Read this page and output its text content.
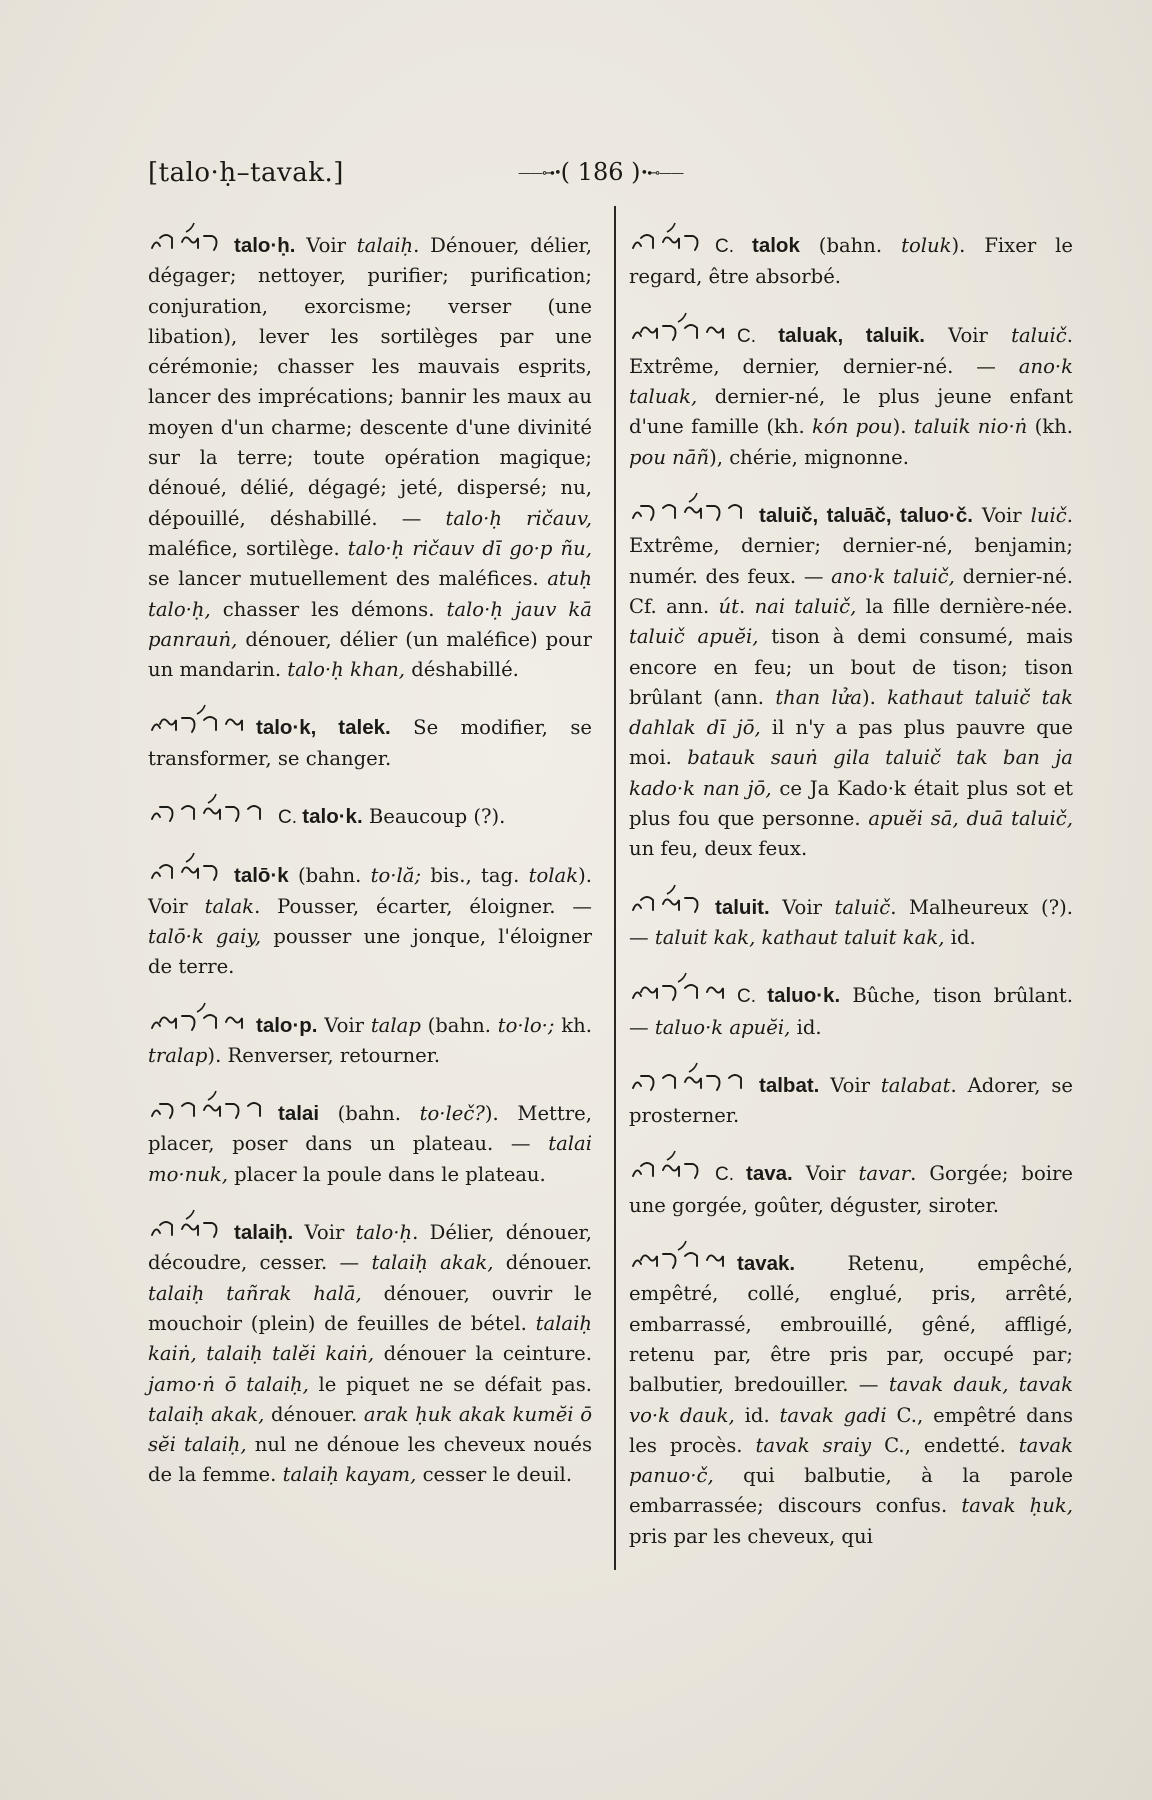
[talo·ḥ–tavak.]	——⊶•( 186 )•⊷——

talo·ḥ. Voir talaiḥ. Dénouer, délier, dégager; nettoyer, purifier; purification; conjuration, exorcisme; verser (une libation), lever les sortilèges par une cérémonie; chasser les mauvais esprits, lancer des imprécations; bannir les maux au moyen d'un charme; descente d'une divinité sur la terre; toute opération magique; dénoué, délié, dégagé; jeté, dispersé; nu, dépouillé, déshabillé. — talo·ḥ ričauv, maléfice, sortilège. talo·ḥ ričauv dī go·p ñu, se lancer mutuellement des maléfices. atuḥ talo·ḥ, chasser les démons. talo·ḥ jauv kā panrauṅ, dénouer, délier (un maléfice) pour un mandarin. talo·ḥ khan, déshabillé.

talo·k, talek. Se modifier, se transformer, se changer.

C. talo·k. Beaucoup (?).

talō·k (bahn. to·lă; bis., tag. tolak). Voir talak. Pousser, écarter, éloigner. — talō·k gaiy, pousser une jonque, l'éloigner de terre.

talo·p. Voir talap (bahn. to·lo·; kh. tralap). Renverser, retourner.

talai (bahn. to·leč?). Mettre, placer, poser dans un plateau. — talai mo·nuk, placer la poule dans le plateau.

talaiḥ. Voir talo·ḥ. Délier, dénouer, découdre, cesser. — talaiḥ akak, dénouer. talaiḥ tañrak halā, dénouer, ouvrir le mouchoir (plein) de feuilles de bétel. talaiḥ kaiṅ, talaiḥ talĕi kaiṅ, dénouer la ceinture. jamo·ṅ ō talaiḥ, le piquet ne se défait pas. talaiḥ akak, dénouer. arak ḥuk akak kumĕi ō sĕi talaiḥ, nul ne dénoue les cheveux noués de la femme. talaiḥ kayam, cesser le deuil.

C. talok (bahn. toluk). Fixer le regard, être absorbé.

C. taluak, taluik. Voir taluič. Extrême, dernier, dernier-né. — ano·k taluak, dernier-né, le plus jeune enfant d'une famille (kh. kón pou). taluik nio·ṅ (kh. pou nāñ), chérie, mignonne.

taluič, taluāč, taluo·č. Voir luič. Extrême, dernier; dernier-né, benjamin; numér. des feux. — ano·k taluič, dernier-né. Cf. ann. út. nai taluič, la fille dernière-née. taluič apuĕi, tison à demi consumé, mais encore en feu; un bout de tison; tison brûlant (ann. than lửa). kathaut taluič tak dahlak dī jō, il n'y a pas plus pauvre que moi. batauk sauṅ gila taluič tak ban ja kado·k nan jō, ce Ja Kado·k était plus sot et plus fou que personne. apuĕi sā, duā taluič, un feu, deux feux.

taluit. Voir taluič. Malheureux (?). — taluit kak, kathaut taluit kak, id.

C. taluo·k. Bûche, tison brûlant. — taluo·k apuĕi, id.

talbat. Voir talabat. Adorer, se prosterner.

C. tava. Voir tavar. Gorgée; boire une gorgée, goûter, déguster, siroter.

tavak. Retenu, empêché, empêtré, collé, englué, pris, arrêté, embarrassé, embrouillé, gêné, affligé, retenu par, être pris par, occupé par; balbutier, bredouiller. — tavak dauk, tavak vo·k dauk, id. tavak gadi C., empêtré dans les procès. tavak sraiy C., endetté. tavak panuo·č, qui balbutie, à la parole embarrassée; discours confus. tavak ḥuk, pris par les cheveux, qui
